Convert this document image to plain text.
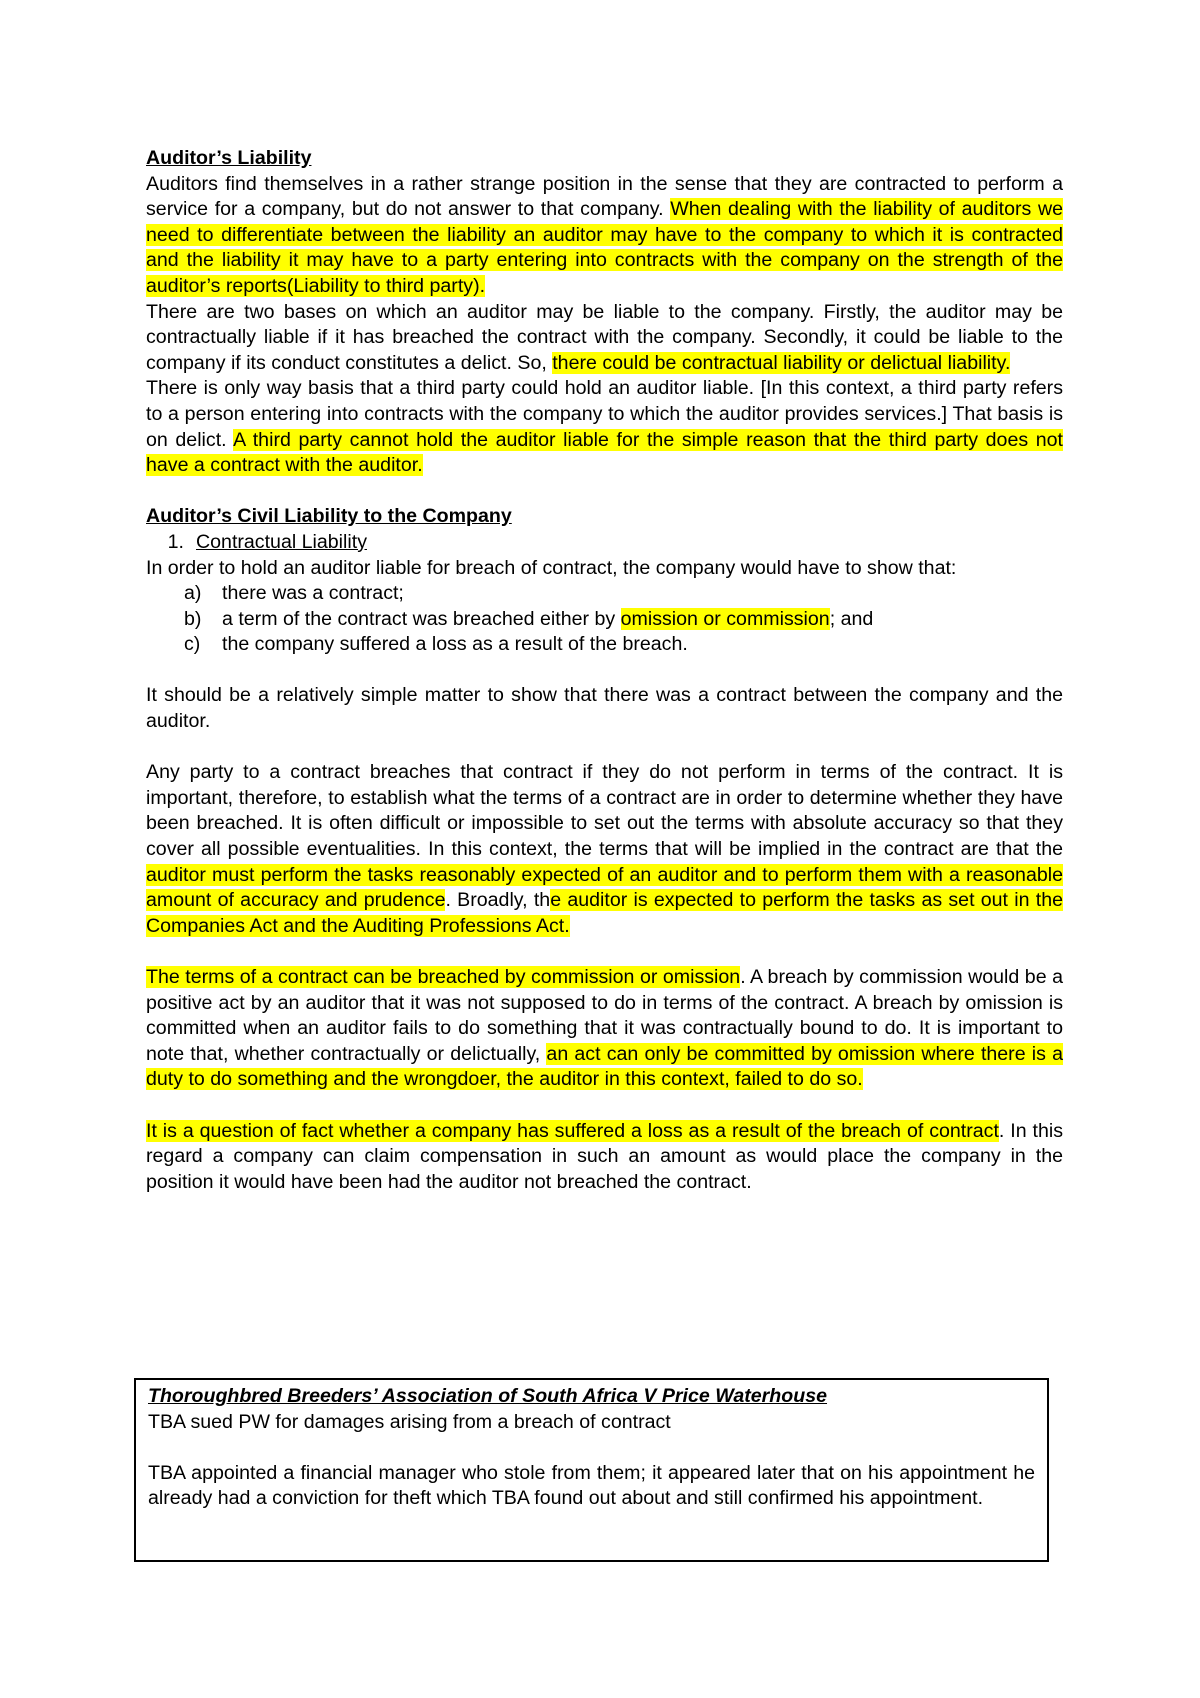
Auditor’s Liability

Auditors find themselves in a rather strange position in the sense that they are contracted to perform a service for a company, but do not answer to that company. When dealing with the liability of auditors we need to differentiate between the liability an auditor may have to the company to which it is contracted and the liability it may have to a party entering into contracts with the company on the strength of the auditor’s reports(Liability to third party).

There are two bases on which an auditor may be liable to the company. Firstly, the auditor may be contractually liable if it has breached the contract with the company. Secondly, it could be liable to the company if its conduct constitutes a delict. So, there could be contractual liability or delictual liability.

There is only way basis that a third party could hold an auditor liable. [In this context, a third party refers to a person entering into contracts with the company to which the auditor provides services.] That basis is on delict. A third party cannot hold the auditor liable for the simple reason that the third party does not have a contract with the auditor.

Auditor’s Civil Liability to the Company

1. Contractual Liability

In order to hold an auditor liable for breach of contract, the company would have to show that:

a)	there was a contract;
b)	a term of the contract was breached either by omission or commission; and
c)	the company suffered a loss as a result of the breach.

It should be a relatively simple matter to show that there was a contract between the company and the auditor.

Any party to a contract breaches that contract if they do not perform in terms of the contract. It is important, therefore, to establish what the terms of a contract are in order to determine whether they have been breached. It is often difficult or impossible to set out the terms with absolute accuracy so that they cover all possible eventualities. In this context, the terms that will be implied in the contract are that the auditor must perform the tasks reasonably expected of an auditor and to perform them with a reasonable amount of accuracy and prudence. Broadly, the auditor is expected to perform the tasks as set out in the Companies Act and the Auditing Professions Act.

The terms of a contract can be breached by commission or omission. A breach by commission would be a positive act by an auditor that it was not supposed to do in terms of the contract. A breach by omission is committed when an auditor fails to do something that it was contractually bound to do. It is important to note that, whether contractually or delictually, an act can only be committed by omission where there is a duty to do something and the wrongdoer, the auditor in this context, failed to do so.

It is a question of fact whether a company has suffered a loss as a result of the breach of contract. In this regard a company can claim compensation in such an amount as would place the company in the position it would have been had the auditor not breached the contract.

Thoroughbred Breeders’ Association of South Africa V Price Waterhouse

TBA sued PW for damages arising from a breach of contract

TBA appointed a financial manager who stole from them; it appeared later that on his appointment he already had a conviction for theft which TBA found out about and still confirmed his appointment.
